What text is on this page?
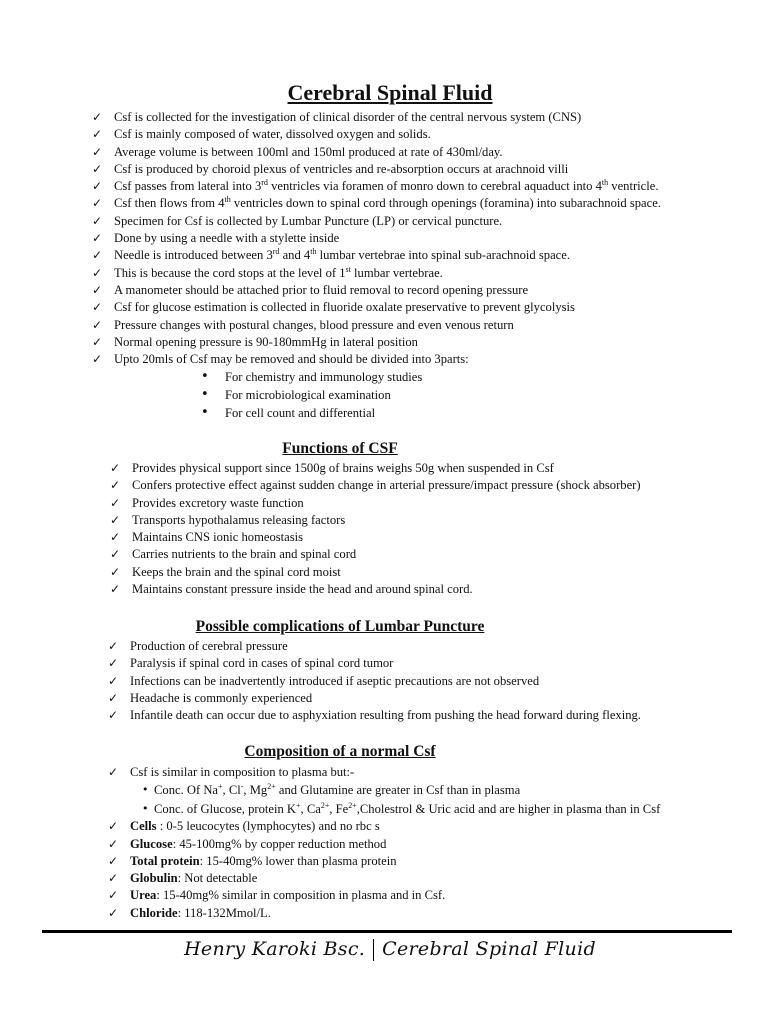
Cerebral Spinal Fluid
✓ Csf is collected for the investigation of clinical disorder of the central nervous system (CNS)
✓ Csf is mainly composed of water, dissolved oxygen and solids.
✓ Average volume is between 100ml and 150ml produced at rate of 430ml/day.
✓ Csf is produced by choroid plexus of ventricles and re-absorption occurs at arachnoid villi
✓ Csf passes from lateral into 3rd ventricles via foramen of monro down to cerebral aquaduct into 4th ventricle.
✓ Csf then flows from 4th ventricles down to spinal cord through openings (foramina) into subarachnoid space.
✓ Specimen for Csf is collected by Lumbar Puncture (LP) or cervical puncture.
✓ Done by using a needle with a stylette inside
✓ Needle is introduced between 3rd and 4th lumbar vertebrae into spinal sub-arachnoid space.
✓ This is because the cord stops at the level of 1st lumbar vertebrae.
✓ A manometer should be attached prior to fluid removal to record opening pressure
✓ Csf for glucose estimation is collected in fluoride oxalate preservative to prevent glycolysis
✓ Pressure changes with postural changes, blood pressure and even venous return
✓ Normal opening pressure is 90-180mmHg in lateral position
✓ Upto 20mls of Csf may be removed and should be divided into 3parts:
• For chemistry and immunology studies
• For microbiological examination
• For cell count and differential
Functions of CSF
✓ Provides physical support since 1500g of brains weighs 50g when suspended in Csf
✓ Confers protective effect against sudden change in arterial pressure/impact pressure (shock absorber)
✓ Provides excretory waste function
✓ Transports hypothalamus releasing factors
✓ Maintains CNS ionic homeostasis
✓ Carries nutrients to the brain and spinal cord
✓ Keeps the brain and the spinal cord moist
✓ Maintains constant pressure inside the head and around spinal cord.
Possible complications of Lumbar Puncture
✓ Production of cerebral pressure
✓ Paralysis if spinal cord in cases of spinal cord tumor
✓ Infections can be inadvertently introduced if aseptic precautions are not observed
✓ Headache is commonly experienced
✓ Infantile death can occur due to asphyxiation resulting from pushing the head forward during flexing.
Composition of a normal Csf
✓ Csf is similar in composition to plasma but:-
• Conc. Of Na+, Cl-, $Mg^{2+}$ and Glutamine are greater in Csf than in plasma
• Conc. of Glucose, protein K+, $Ca^{2+}$, $Fe^{2+},Cholestrol$ & Uric acid and are higher in plasma than in Csf
✓ Cells : 0-5 leucocytes (lymphocytes) and no rbc s
✓ Glucose: 45-100mg% by copper reduction method
✓ Total protein: 15-40mg% lower than plasma protein
✓ Globulin: Not detectable
✓ Urea: 15-40mg% similar in composition in plasma and in Csf.
✓ Chloride: 118-132Mmol/L.
Henry Karoki Bsc. Cerebral Spinal Fluid
